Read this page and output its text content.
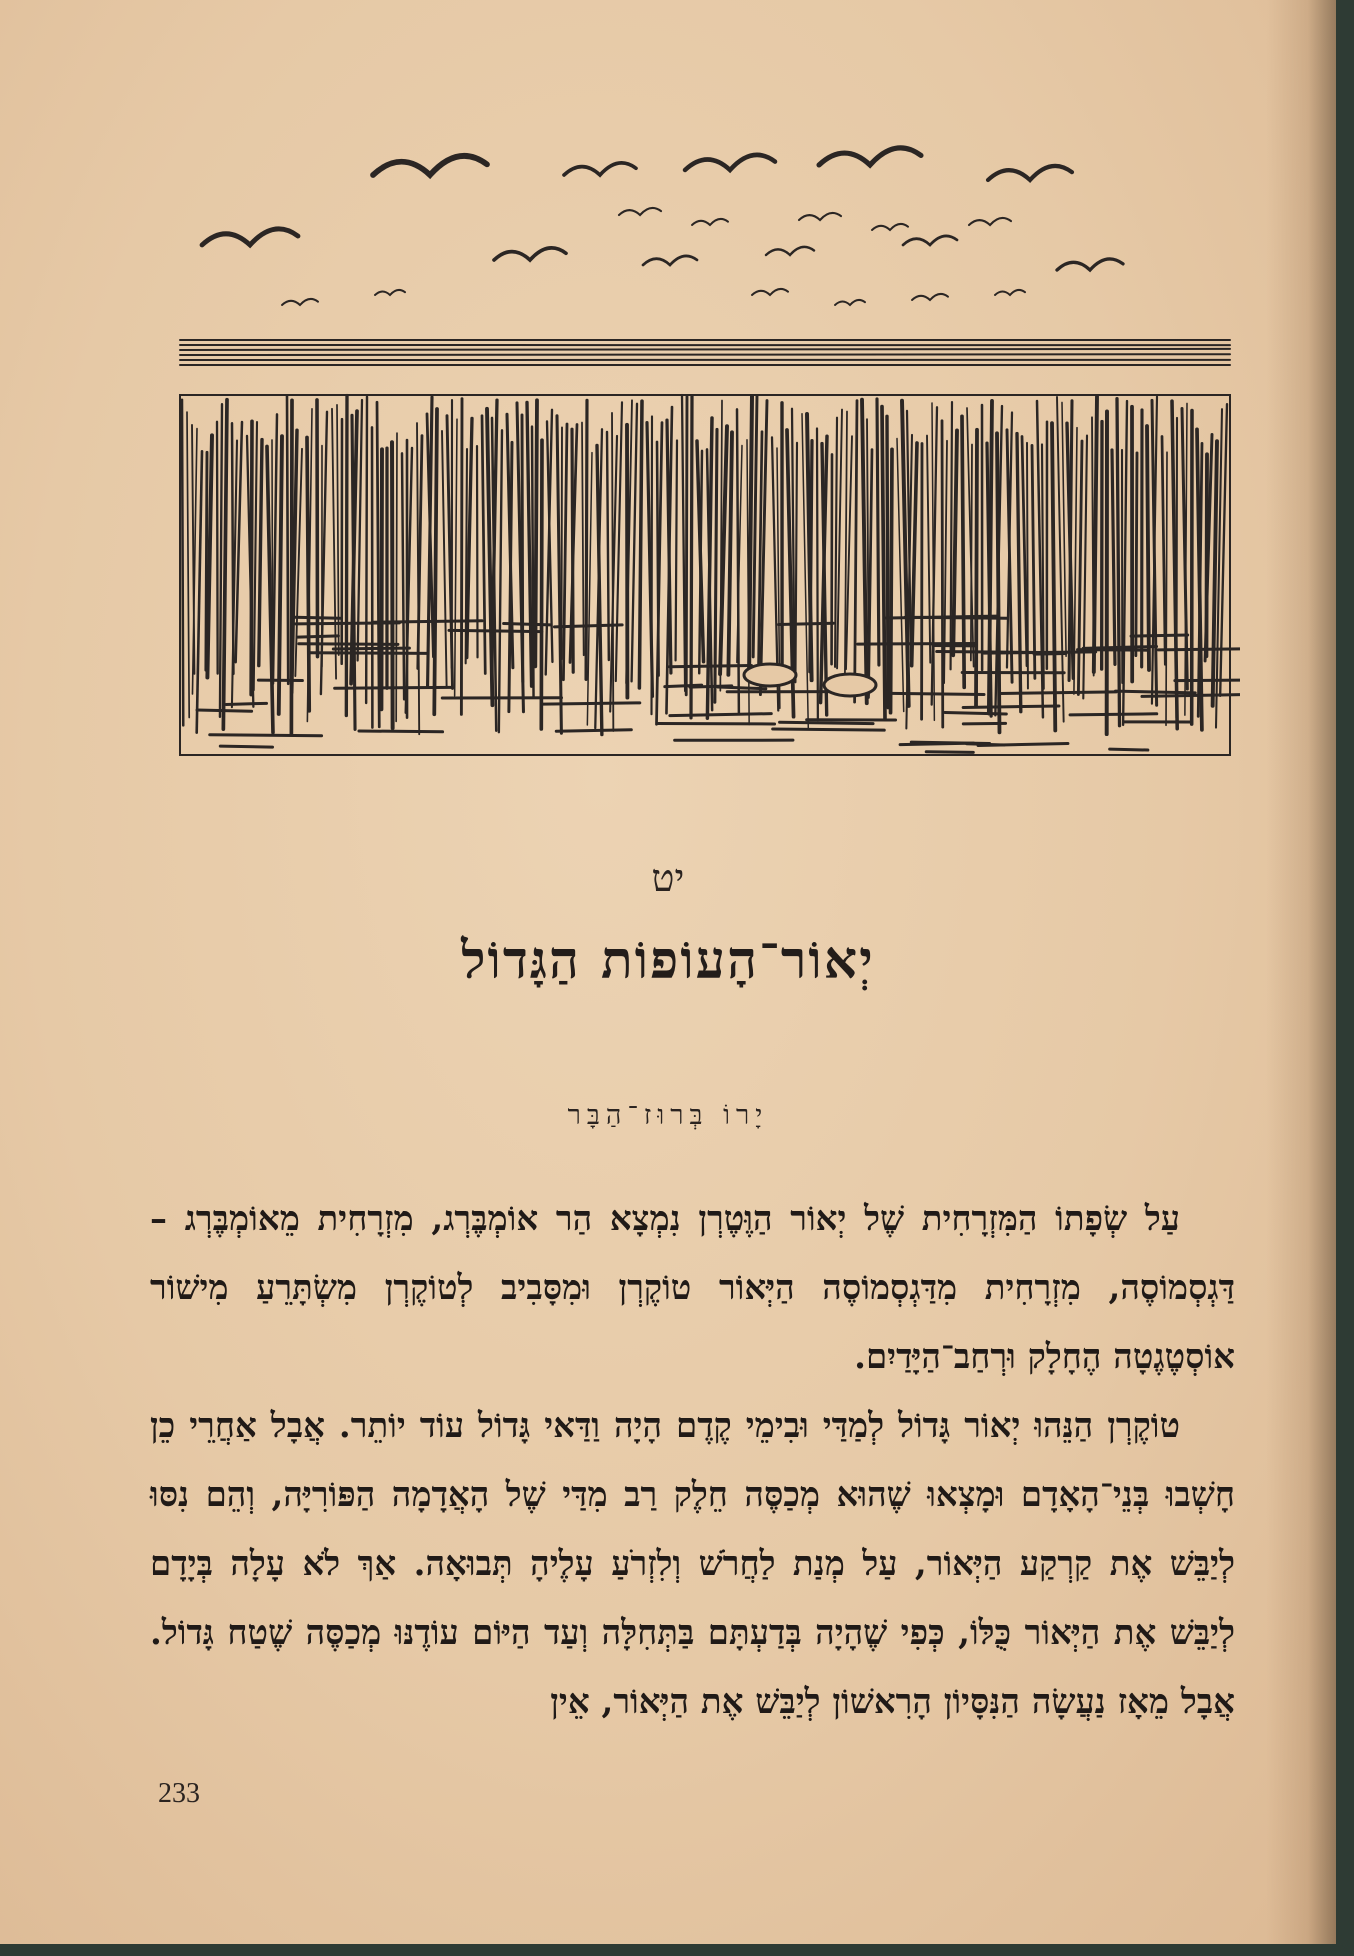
יט
יְאוֹר־הָעוֹפוֹת הַגָּדוֹל
יָרוֹ בְּרוּז־הַבָּר

עַל שְׂפָתוֹ הַמִּזְרָחִית שֶׁל יְאוֹר הַוֶּטֶרְן נִמְצָא הַר אוֹמְבֶּרְג, מִזְרָחִית מֵאוֹמְבֶּרְג – דַּגְסְמוֹסֶה, מִזְרָחִית מִדַּגְסְמוֹסֶה הַיְּאוֹר טוֹקֶרְן וּמִסָּבִיב לְטוֹקֶרְן מִשְׂתָּרֵעַ מִישׁוֹר אוֹסְטֶגֶטָה הֶחָלָק וּרְחַב־הַיָּדַיִם.

טוֹקֶרְן הַנֵּהוּ יְאוֹר גָּדוֹל לְמַדַּי וּבִימֵי קֶדֶם הָיָה וַדַּאי גָּדוֹל עוֹד יוֹתֵר. אֲבָל אַחֲרֵי כֵן חָשְׁבוּ בְּנֵי־הָאָדָם וּמָצְאוּ שֶׁהוּא מְכַסֶּה חֵלֶק רַב מִדַּי שֶׁל הָאֲדָמָה הַפּוֹרִיָּה, וְהֵם נִסּוּ לְיַבֵּשׁ אֶת קַרְקַע הַיְּאוֹר, עַל מְנַת לַחֲרֹשׁ וְלִזְרֹעַ עָלֶיהָ תְּבוּאָה. אַךְ לֹא עָלָה בְּיָדָם לְיַבֵּשׁ אֶת הַיְּאוֹר כֻּלּוֹ, כְּפִי שֶׁהָיָה בְּדַעְתָּם בַּתְּחִלָּה וְעַד הַיּוֹם עוֹדֶנּוּ מְכַסֶּה שֶׁטַח גָּדוֹל. אֲבָל מֵאָז נַעֲשָׂה הַנִּסָּיוֹן הָרִאשׁוֹן לְיַבֵּשׁ אֶת הַיְּאוֹר, אֵין

233
